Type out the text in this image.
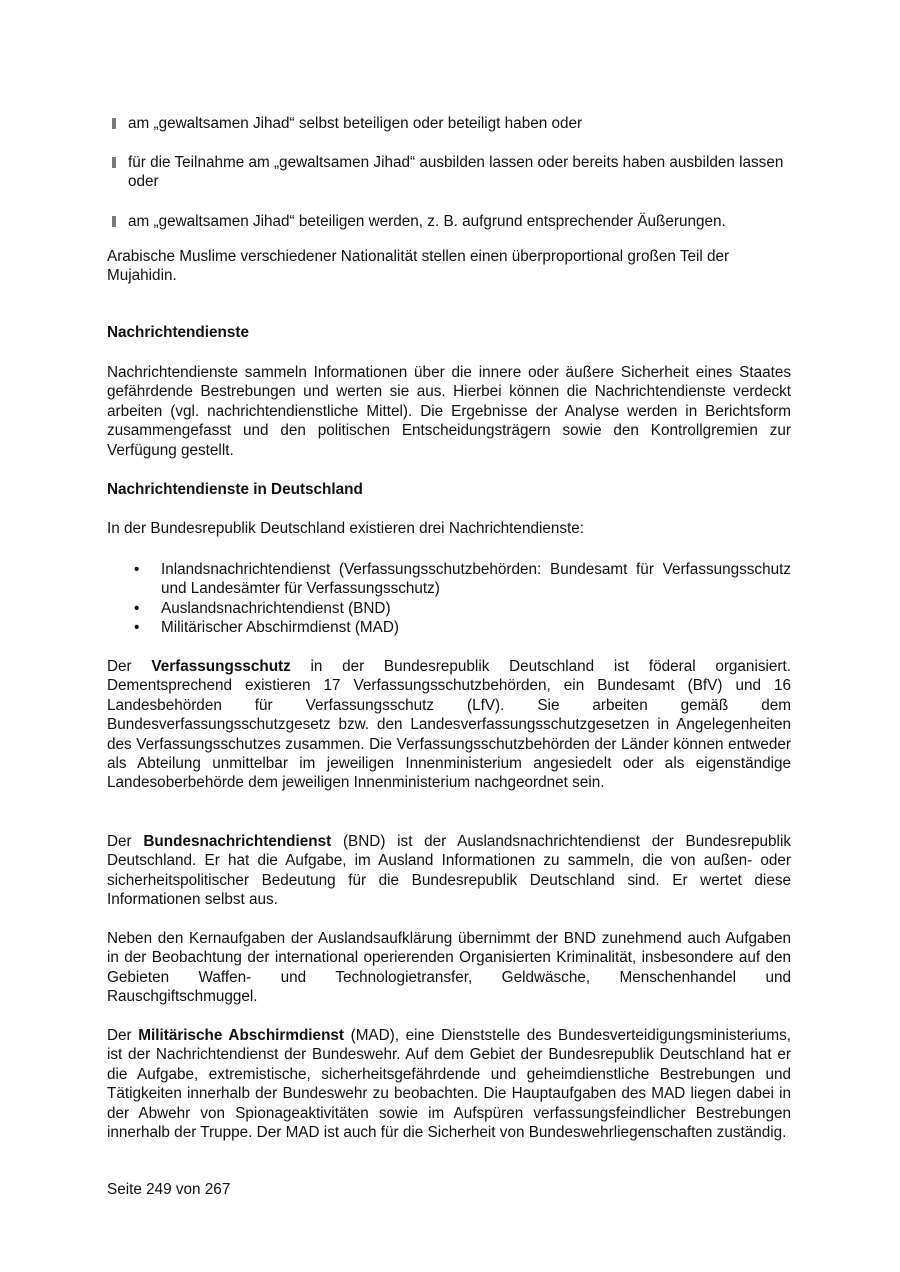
am „gewaltsamen Jihad“ selbst beteiligen oder beteiligt haben oder
für die Teilnahme am „gewaltsamen Jihad“ ausbilden lassen oder bereits haben ausbilden lassen oder
am „gewaltsamen Jihad“ beteiligen werden, z. B. aufgrund entsprechender Äußerungen.

Arabische Muslime verschiedener Nationalität stellen einen überproportional großen Teil der Mujahidin.

Nachrichtendienste

Nachrichtendienste sammeln Informationen über die innere oder äußere Sicherheit eines Staates gefährdende Bestrebungen und werten sie aus. Hierbei können die Nachrichtendienste verdeckt arbeiten (vgl. nachrichtendienstliche Mittel). Die Ergebnisse der Analyse werden in Berichtsform zusammengefasst und den politischen Entscheidungsträgern sowie den Kontrollgremien zur Verfügung gestellt.

Nachrichtendienste in Deutschland

In der Bundesrepublik Deutschland existieren drei Nachrichtendienste:

• Inlandsnachrichtendienst (Verfassungsschutzbehörden: Bundesamt für Verfassungsschutz und Landesämter für Verfassungsschutz)
• Auslandsnachrichtendienst (BND)
• Militärischer Abschirmdienst (MAD)

Der Verfassungsschutz in der Bundesrepublik Deutschland ist föderal organisiert. Dementsprechend existieren 17 Verfassungsschutzbehörden, ein Bundesamt (BfV) und 16 Landesbehörden für Verfassungsschutz (LfV). Sie arbeiten gemäß dem Bundesverfassungsschutzgesetz bzw. den Landesverfassungsschutzgesetzen in Angelegenheiten des Verfassungsschutzes zusammen. Die Verfassungsschutzbehörden der Länder können entweder als Abteilung unmittelbar im jeweiligen Innenministerium angesiedelt oder als eigenständige Landesoberbehörde dem jeweiligen Innenministerium nachgeordnet sein.

Der Bundesnachrichtendienst (BND) ist der Auslandsnachrichtendienst der Bundesrepublik Deutschland. Er hat die Aufgabe, im Ausland Informationen zu sammeln, die von außen- oder sicherheitspolitischer Bedeutung für die Bundesrepublik Deutschland sind. Er wertet diese Informationen selbst aus.

Neben den Kernaufgaben der Auslandsaufklärung übernimmt der BND zunehmend auch Aufgaben in der Beobachtung der international operierenden Organisierten Kriminalität, insbesondere auf den Gebieten Waffen- und Technologietransfer, Geldwäsche, Menschenhandel und Rauschgiftschmuggel.

Der Militärische Abschirmdienst (MAD), eine Dienststelle des Bundesverteidigungsministeriums, ist der Nachrichtendienst der Bundeswehr. Auf dem Gebiet der Bundesrepublik Deutschland hat er die Aufgabe, extremistische, sicherheitsgefährdende und geheimdienstliche Bestrebungen und Tätigkeiten innerhalb der Bundeswehr zu beobachten. Die Hauptaufgaben des MAD liegen dabei in der Abwehr von Spionageaktivitäten sowie im Aufspüren verfassungsfeindlicher Bestrebungen innerhalb der Truppe. Der MAD ist auch für die Sicherheit von Bundeswehrliegenschaften zuständig.

Seite 249 von 267
